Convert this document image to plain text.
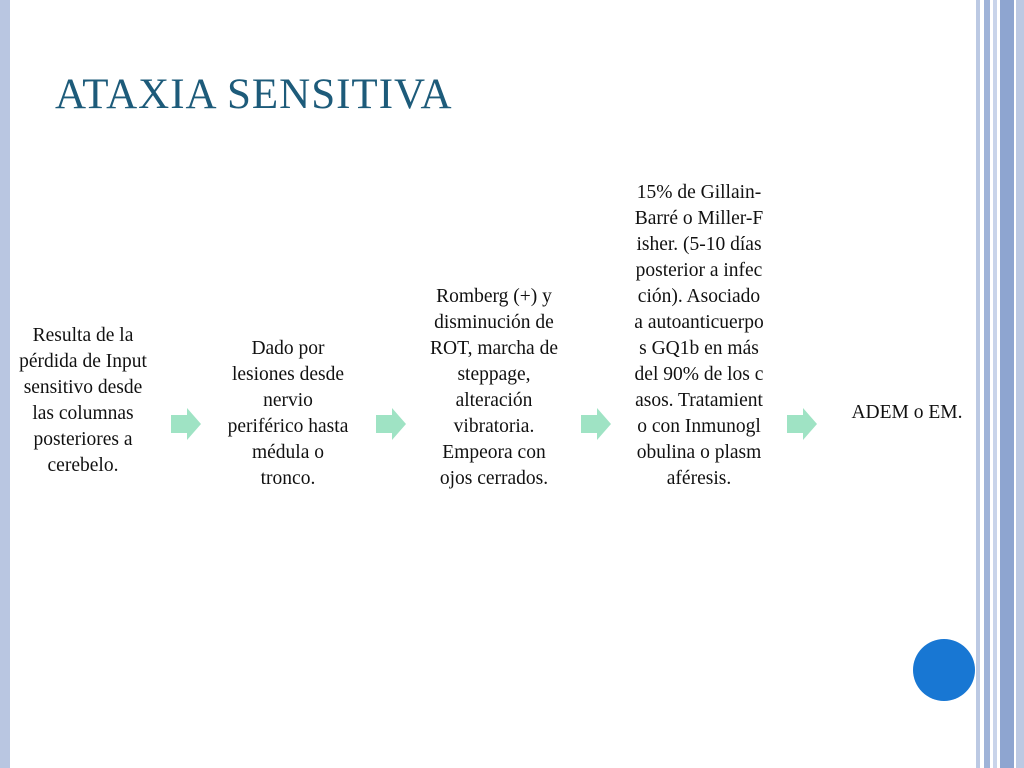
ATAXIA SENSITIVA
Resulta de la pérdida de Input sensitivo desde las columnas posteriores a cerebelo.
Dado por lesiones desde nervio periférico hasta médula o tronco.
Romberg (+) y disminución de ROT, marcha de steppage, alteración vibratoria. Empeora con ojos cerrados.
15% de Gillain-Barré o Miller-Fisher. (5-10 días posterior a infección). Asociado a autoanticuerpos GQ1b en más del 90% de los casos. Tratamiento con Inmunoglobulina o plasmaféresis.
ADEM o EM.
